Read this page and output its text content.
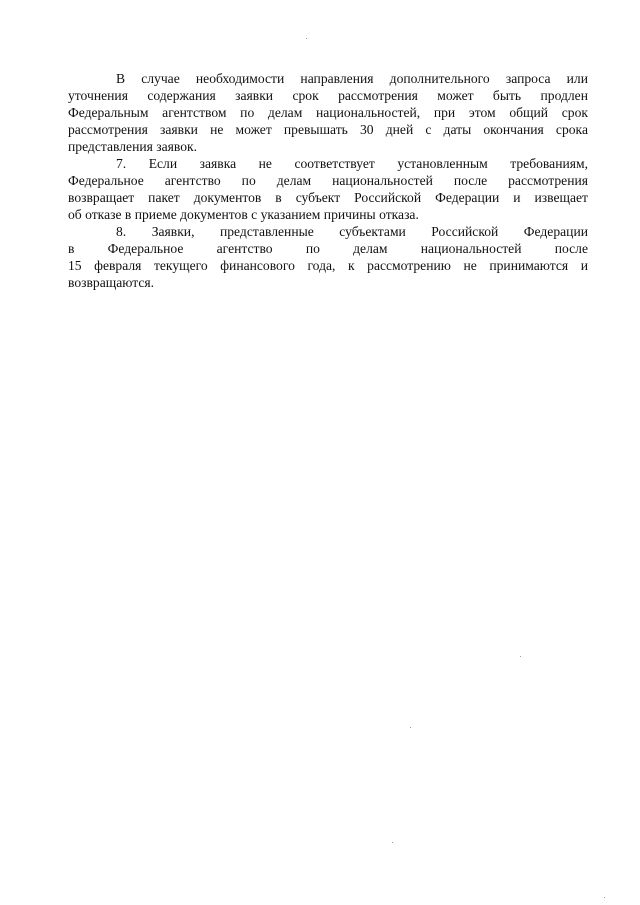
В случае необходимости направления дополнительного запроса или
уточнения содержания заявки срок рассмотрения может быть продлен
Федеральным агентством по делам национальностей, при этом общий срок
рассмотрения заявки не может превышать 30 дней с даты окончания срока
представления заявок.
7. Если заявка не соответствует установленным требованиям,
Федеральное агентство по делам национальностей после рассмотрения
возвращает пакет документов в субъект Российской Федерации и извещает
об отказе в приеме документов с указанием причины отказа.
8. Заявки, представленные субъектами Российской Федерации
в Федеральное агентство по делам национальностей после
15 февраля текущего финансового года, к рассмотрению не принимаются и
возвращаются.
